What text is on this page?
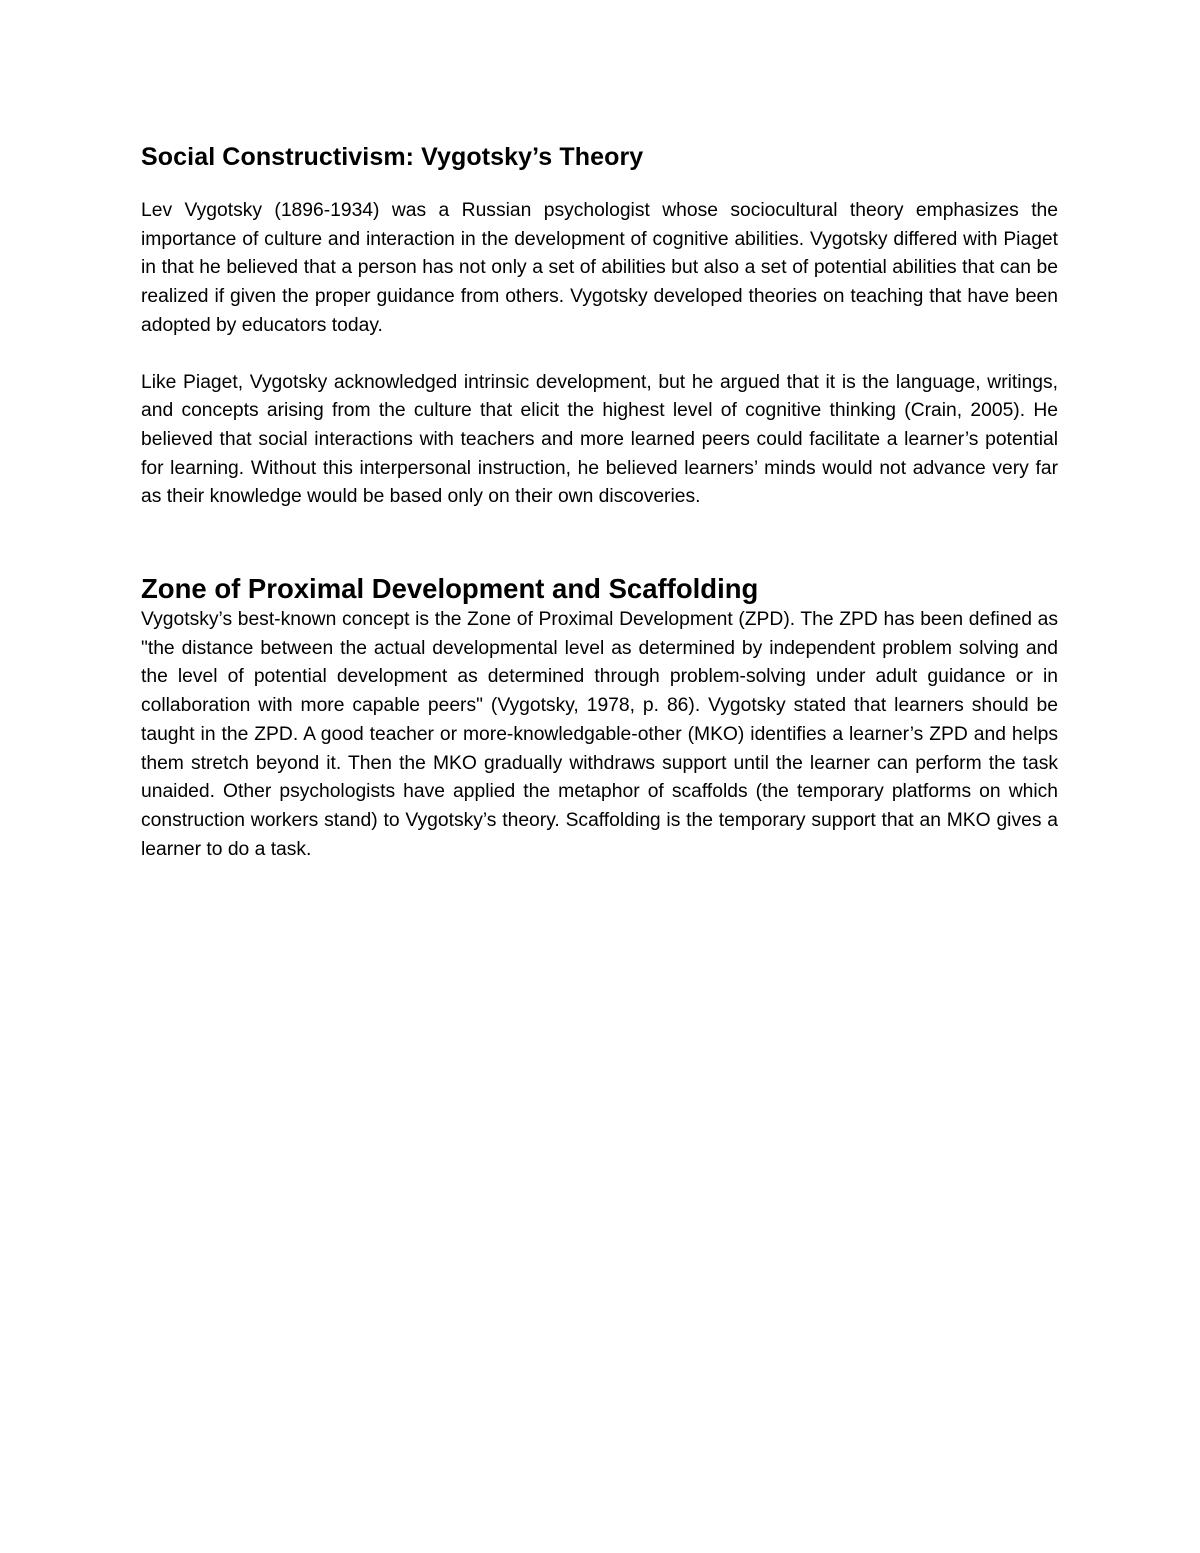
Social Constructivism: Vygotsky’s Theory

Lev Vygotsky (1896-1934) was a Russian psychologist whose sociocultural theory emphasizes the importance of culture and interaction in the development of cognitive abilities. Vygotsky differed with Piaget in that he believed that a person has not only a set of abilities but also a set of potential abilities that can be realized if given the proper guidance from others. Vygotsky developed theories on teaching that have been adopted by educators today.

Like Piaget, Vygotsky acknowledged intrinsic development, but he argued that it is the language, writings, and concepts arising from the culture that elicit the highest level of cognitive thinking (Crain, 2005). He believed that social interactions with teachers and more learned peers could facilitate a learner’s potential for learning. Without this interpersonal instruction, he believed learners’ minds would not advance very far as their knowledge would be based only on their own discoveries.

Zone of Proximal Development and Scaffolding

Vygotsky’s best-known concept is the Zone of Proximal Development (ZPD). The ZPD has been defined as "the distance between the actual developmental level as determined by independent problem solving and the level of potential development as determined through problem-solving under adult guidance or in collaboration with more capable peers" (Vygotsky, 1978, p. 86). Vygotsky stated that learners should be taught in the ZPD. A good teacher or more-knowledgable-other (MKO) identifies a learner’s ZPD and helps them stretch beyond it. Then the MKO gradually withdraws support until the learner can perform the task unaided. Other psychologists have applied the metaphor of scaffolds (the temporary platforms on which construction workers stand) to Vygotsky’s theory. Scaffolding is the temporary support that an MKO gives a learner to do a task.
